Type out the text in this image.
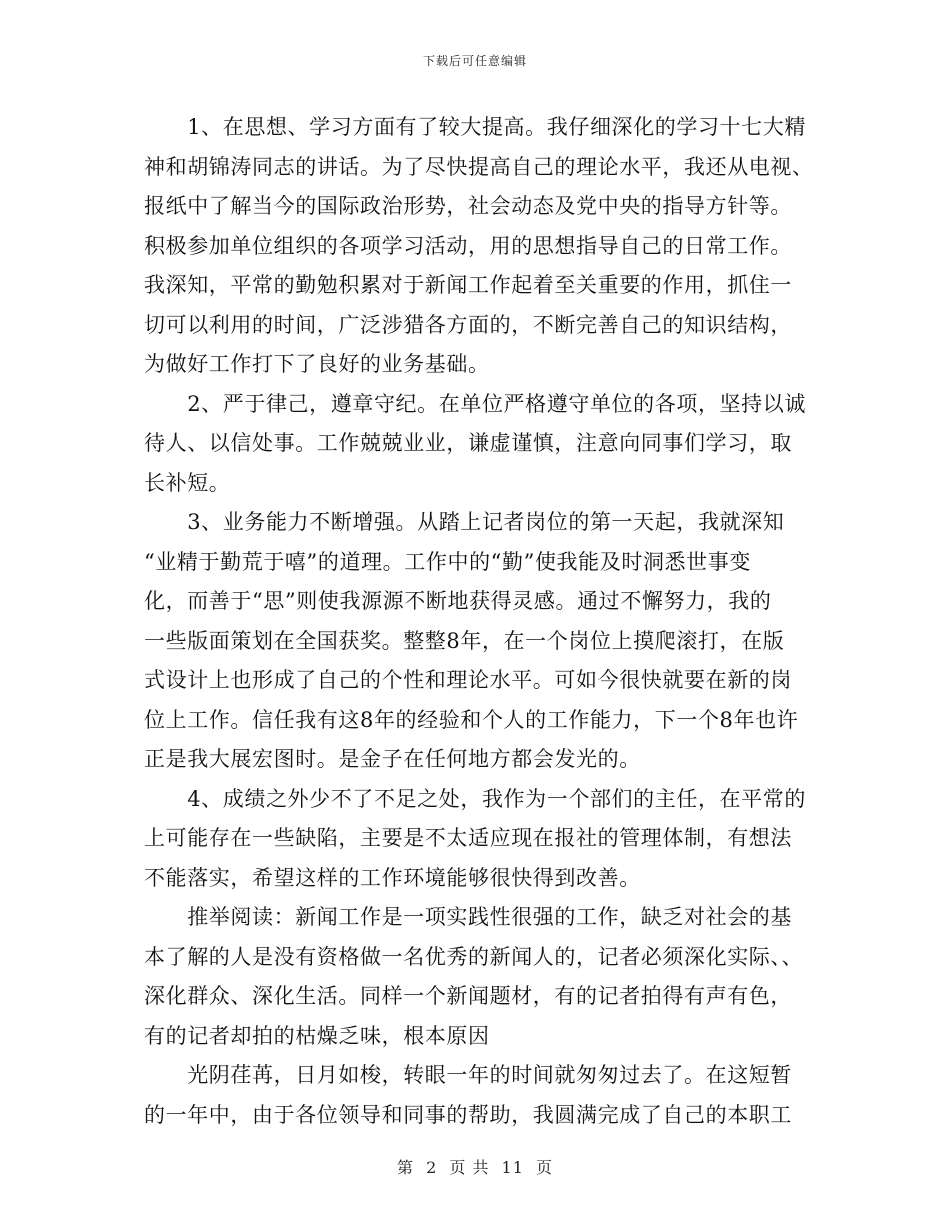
下载后可任意编辑
　　1、在思想、学习方面有了较大提高。我仔细深化的学习十七大精
神和胡锦涛同志的讲话。为了尽快提高自己的理论水平，我还从电视、
报纸中了解当今的国际政治形势，社会动态及党中央的指导方针等。
积极参加单位组织的各项学习活动，用的思想指导自己的日常工作。
我深知，平常的勤勉积累对于新闻工作起着至关重要的作用，抓住一
切可以利用的时间，广泛涉猎各方面的，不断完善自己的知识结构，
为做好工作打下了良好的业务基础。
　　2、严于律己，遵章守纪。在单位严格遵守单位的各项，坚持以诚
待人、以信处事。工作兢兢业业，谦虚谨慎，注意向同事们学习，取
长补短。
　　3、业务能力不断增强。从踏上记者岗位的第一天起，我就深知
“业精于勤荒于嘻”的道理。工作中的“勤”使我能及时洞悉世事变
化，而善于“思”则使我源源不断地获得灵感。通过不懈努力，我的
一些版面策划在全国获奖。整整8年，在一个岗位上摸爬滚打，在版
式设计上也形成了自己的个性和理论水平。可如今很快就要在新的岗
位上工作。信任我有这8年的经验和个人的工作能力，下一个8年也许
正是我大展宏图时。是金子在任何地方都会发光的。
　　4、成绩之外少不了不足之处，我作为一个部们的主任，在平常的
上可能存在一些缺陷，主要是不太适应现在报社的管理体制，有想法
不能落实，希望这样的工作环境能够很快得到改善。
　　推举阅读：新闻工作是一项实践性很强的工作，缺乏对社会的基
本了解的人是没有资格做一名优秀的新闻人的，记者必须深化实际、、
深化群众、深化生活。同样一个新闻题材，有的记者拍得有声有色，
有的记者却拍的枯燥乏味，根本原因
　　光阴荏苒，日月如梭，转眼一年的时间就匆匆过去了。在这短暂
的一年中，由于各位领导和同事的帮助，我圆满完成了自己的本职工
第 2 页 共 11 页
